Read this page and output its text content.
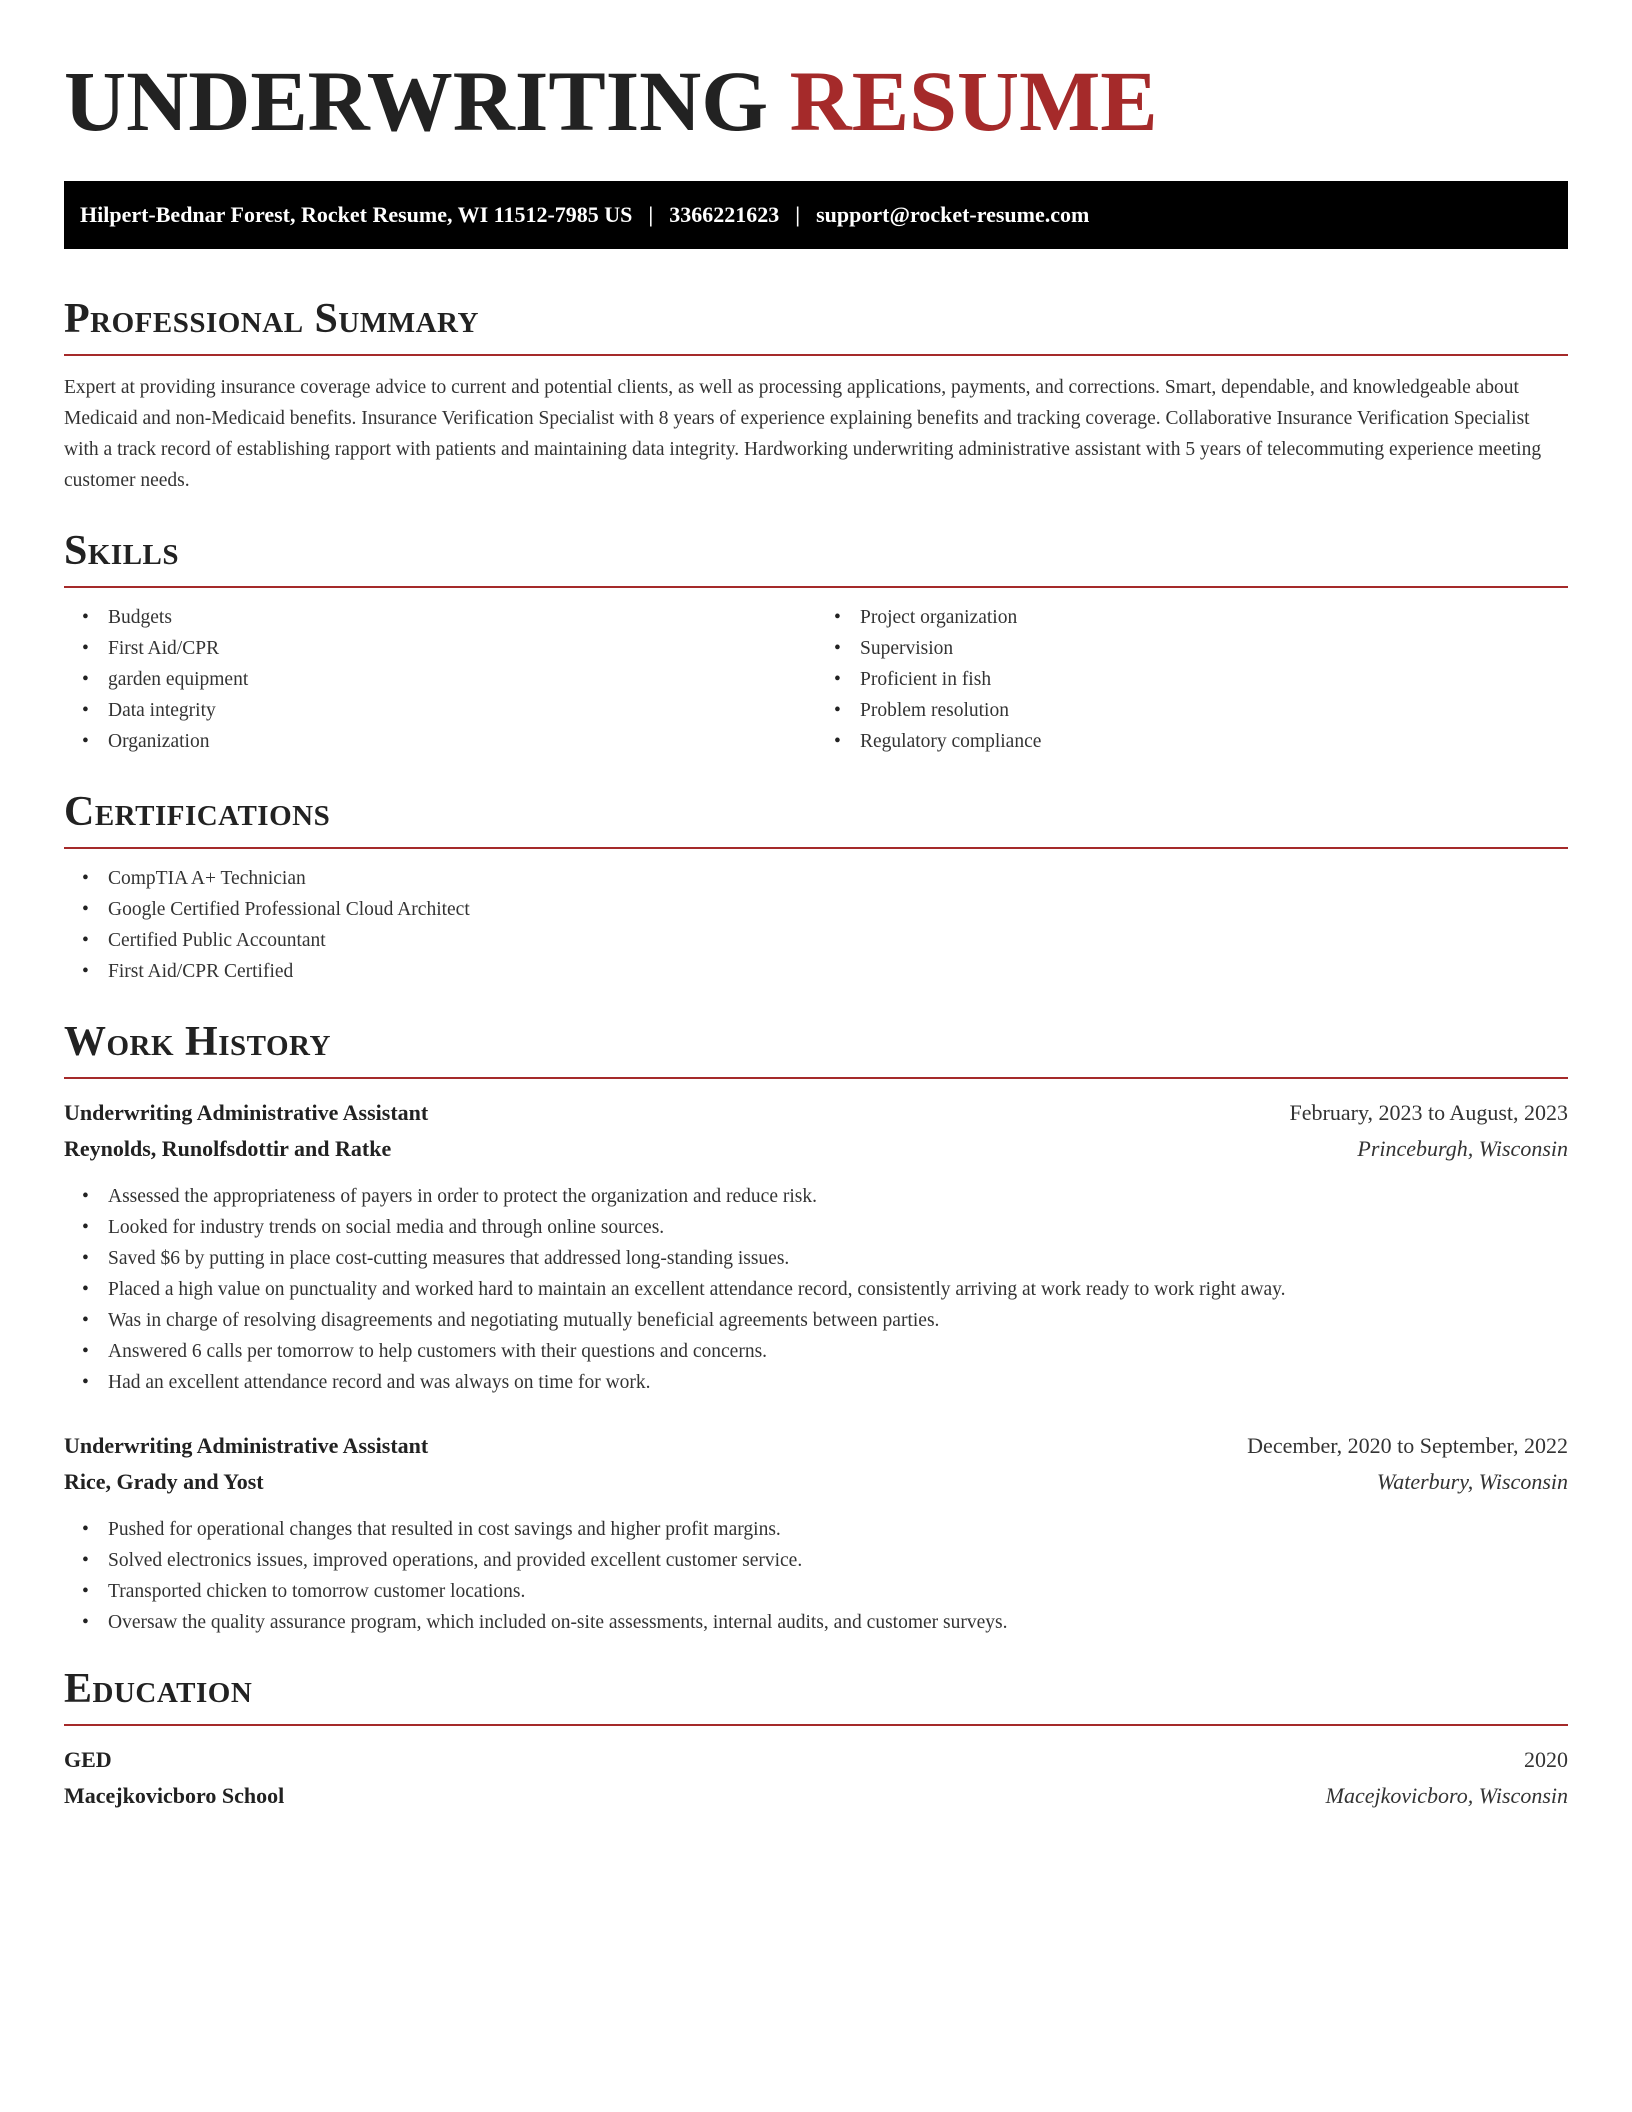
UNDERWRITING RESUME
Hilpert-Bednar Forest, Rocket Resume, WI 11512-7985 US | 3366221623 | support@rocket-resume.com
Professional Summary

Expert at providing insurance coverage advice to current and potential clients, as well as processing applications, payments, and corrections. Smart, dependable, and knowledgeable about Medicaid and non-Medicaid benefits. Insurance Verification Specialist with 8 years of experience explaining benefits and tracking coverage. Collaborative Insurance Verification Specialist with a track record of establishing rapport with patients and maintaining data integrity. Hardworking underwriting administrative assistant with 5 years of telecommuting experience meeting customer needs.

Skills
• Budgets
• First Aid/CPR
• garden equipment
• Data integrity
• Organization
• Project organization
• Supervision
• Proficient in fish
• Problem resolution
• Regulatory compliance
Certifications
• CompTIA A+ Technician
• Google Certified Professional Cloud Architect
• Certified Public Accountant
• First Aid/CPR Certified
Work History
Underwriting Administrative Assistant	February, 2023 to August, 2023
Reynolds, Runolfsdottir and Ratke	Princeburgh, Wisconsin
• Assessed the appropriateness of payers in order to protect the organization and reduce risk.
• Looked for industry trends on social media and through online sources.
• Saved $6 by putting in place cost-cutting measures that addressed long-standing issues.
• Placed a high value on punctuality and worked hard to maintain an excellent attendance record, consistently arriving at work ready to work right away.
• Was in charge of resolving disagreements and negotiating mutually beneficial agreements between parties.
• Answered 6 calls per tomorrow to help customers with their questions and concerns.
• Had an excellent attendance record and was always on time for work.
Underwriting Administrative Assistant	December, 2020 to September, 2022
Rice, Grady and Yost	Waterbury, Wisconsin
• Pushed for operational changes that resulted in cost savings and higher profit margins.
• Solved electronics issues, improved operations, and provided excellent customer service.
• Transported chicken to tomorrow customer locations.
• Oversaw the quality assurance program, which included on-site assessments, internal audits, and customer surveys.
Education
GED	2020
Macejkovicboro School	Macejkovicboro, Wisconsin
